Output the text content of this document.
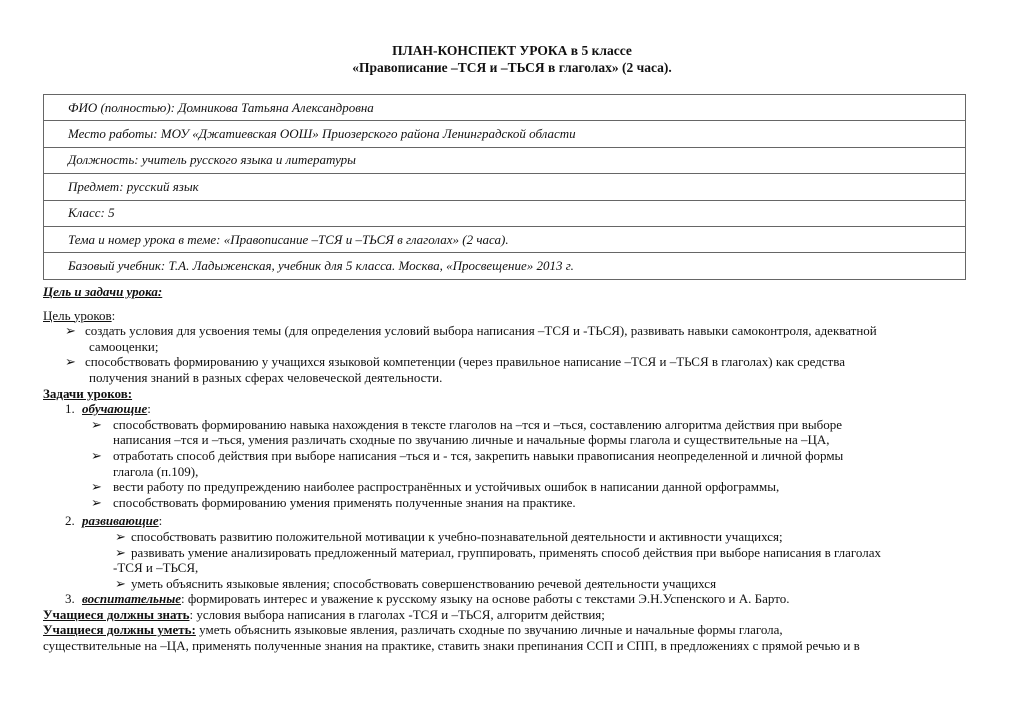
ПЛАН-КОНСПЕКТ УРОКА в 5 классе
«Правописание –ТСЯ и –ТЬСЯ в глаголах» (2 часа).
ФИО (полностью): Домникова Татьяна Александровна
Место работы: МОУ «Джатиевская ООШ» Приозерского района Ленинградской области
Должность: учитель русского языка и литературы
Предмет: русский язык
Класс: 5
Тема и номер урока в теме: «Правописание –ТСЯ и –ТЬСЯ в глаголах» (2 часа).
Базовый учебник: Т.А. Ладыженская, учебник для 5 класса. Москва, «Просвещение» 2013 г.
Цель и задачи урока:
Цель уроков:
➢ создать условия для усвоения темы (для определения условий выбора написания –ТСЯ и -ТЬСЯ), развивать навыки самоконтроля, адекватной
самооценки;
➢ способствовать формированию у учащихся языковой компетенции (через правильное написание –ТСЯ и –ТЬСЯ в глаголах) как средства
получения знаний в разных сферах человеческой деятельности.
Задачи уроков:
1. обучающие:
➢ способствовать формированию навыка нахождения в тексте глаголов на –тся и –ться, составлению алгоритма действия при выборе
написания –тся и –ться, умения различать сходные по звучанию личные и начальные формы глагола и существительные на –ЦА,
➢ отработать способ действия при выборе написания –ться и - тся, закрепить навыки правописания неопределенной и личной формы
глагола (п.109),
➢ вести работу по предупреждению наиболее распространённых и устойчивых ошибок в написании данной орфограммы,
➢ способствовать формированию умения применять полученные знания на практике.
2. развивающие:
➢ способствовать развитию положительной мотивации к учебно-познавательной деятельности и активности учащихся;
➢ развивать умение анализировать предложенный материал, группировать, применять способ действия при выборе написания в глаголах
-ТСЯ и –ТЬСЯ,
➢ уметь объяснить языковые явления; способствовать совершенствованию речевой деятельности учащихся
3. воспитательные: формировать интерес и уважение к русскому языку на основе работы с текстами Э.Н.Успенского и А. Барто.
Учащиеся должны знать: условия выбора написания в глаголах -ТСЯ и –ТЬСЯ, алгоритм действия;
Учащиеся должны уметь: уметь объяснить языковые явления, различать сходные по звучанию личные и начальные формы глагола,
существительные на –ЦА, применять полученные знания на практике, ставить знаки препинания ССП и СПП, в предложениях с прямой речью и в
